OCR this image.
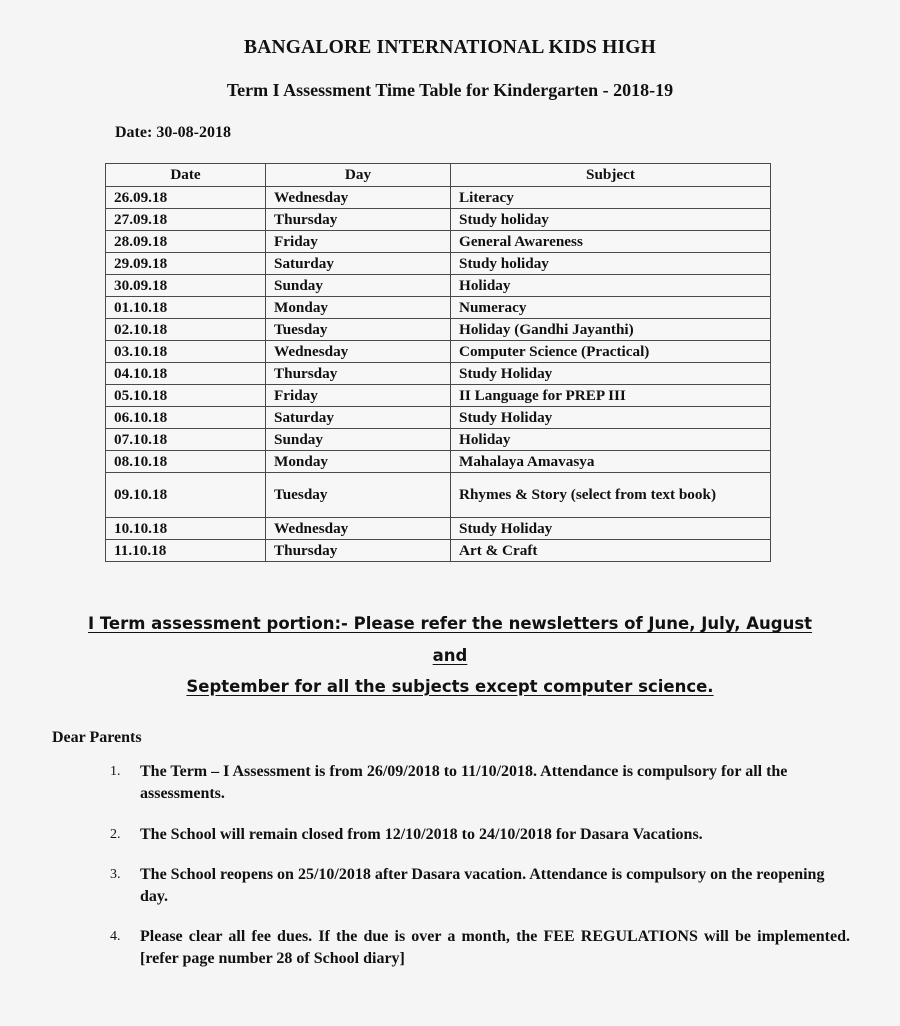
BANGALORE INTERNATIONAL KIDS HIGH
Term I Assessment Time Table for Kindergarten - 2018-19

Date: 30-08-2018

Date	Day	Subject
26.09.18	Wednesday	Literacy
27.09.18	Thursday	Study holiday
28.09.18	Friday	General Awareness
29.09.18	Saturday	Study holiday
30.09.18	Sunday	Holiday
01.10.18	Monday	Numeracy
02.10.18	Tuesday	Holiday (Gandhi Jayanthi)
03.10.18	Wednesday	Computer Science (Practical)
04.10.18	Thursday	Study Holiday
05.10.18	Friday	II Language for PREP III
06.10.18	Saturday	Study Holiday
07.10.18	Sunday	Holiday
08.10.18	Monday	Mahalaya Amavasya
09.10.18	Tuesday	Rhymes & Story (select from text book)
10.10.18	Wednesday	Study Holiday
11.10.18	Thursday	Art & Craft

I Term assessment portion:- Please refer the newsletters of June, July, August and
September for all the subjects except computer science.

Dear Parents

The Term – I Assessment is from 26/09/2018 to 11/10/2018. Attendance is compulsory for all the assessments.
The School will remain closed from 12/10/2018 to 24/10/2018 for Dasara Vacations.
The School reopens on 25/10/2018 after Dasara vacation. Attendance is compulsory on the reopening day.
Please clear all fee dues. If the due is over a month, the FEE REGULATIONS will be implemented. [refer page number 28 of School diary]
